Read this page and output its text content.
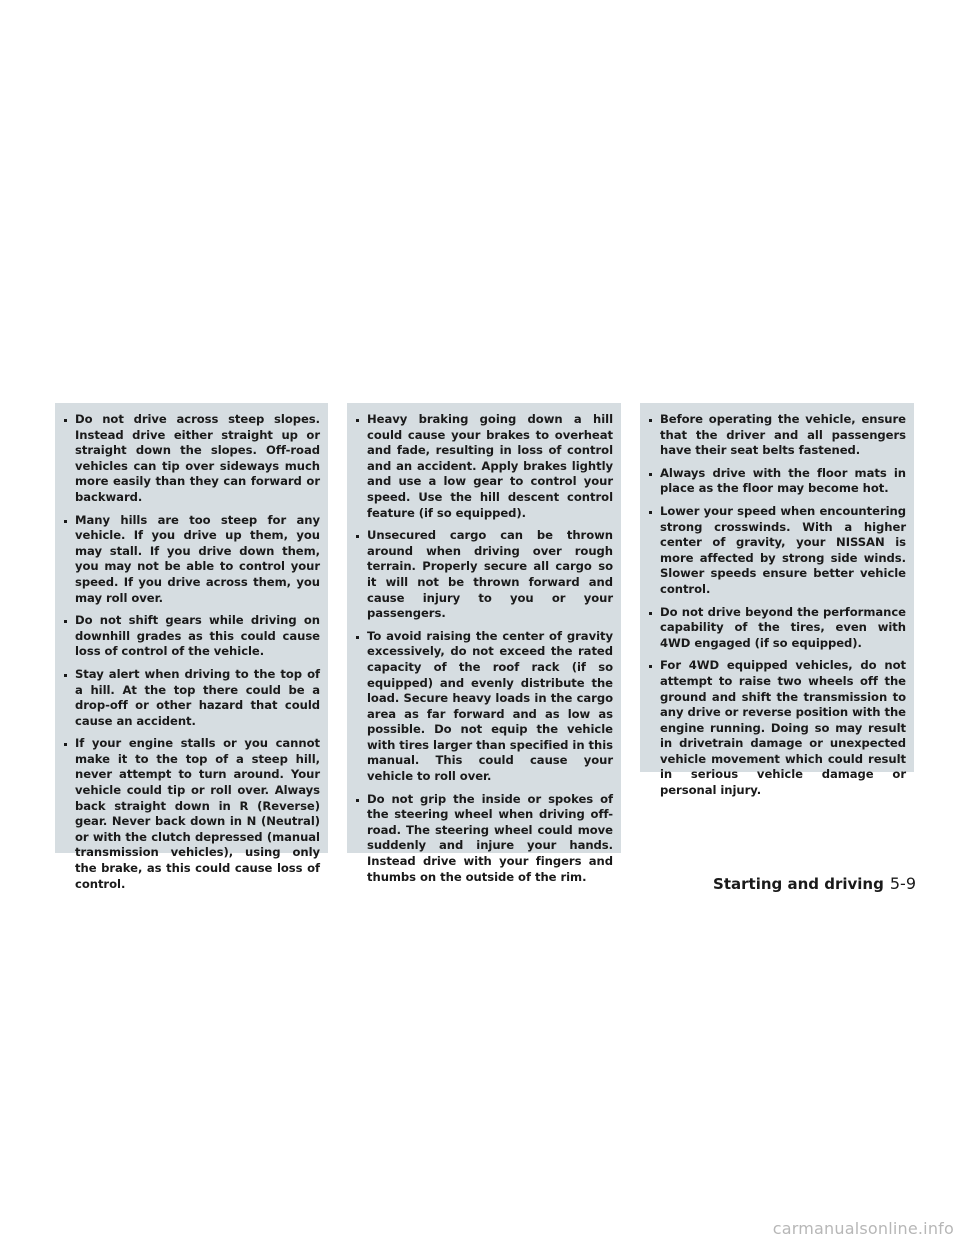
Do not drive across steep slopes. Instead drive either straight up or straight down the slopes. Off-road vehicles can tip over sideways much more easily than they can forward or backward.
Many hills are too steep for any vehicle. If you drive up them, you may stall. If you drive down them, you may not be able to control your speed. If you drive across them, you may roll over.
Do not shift gears while driving on downhill grades as this could cause loss of control of the vehicle.
Stay alert when driving to the top of a hill. At the top there could be a drop-off or other hazard that could cause an accident.
If your engine stalls or you cannot make it to the top of a steep hill, never attempt to turn around. Your vehicle could tip or roll over. Always back straight down in R (Reverse) gear. Never back down in N (Neutral) or with the clutch depressed (manual transmission vehicles), using only the brake, as this could cause loss of control.
Heavy braking going down a hill could cause your brakes to overheat and fade, resulting in loss of control and an accident. Apply brakes lightly and use a low gear to control your speed. Use the hill descent control feature (if so equipped).
Unsecured cargo can be thrown around when driving over rough terrain. Properly secure all cargo so it will not be thrown forward and cause injury to you or your passengers.
To avoid raising the center of gravity excessively, do not exceed the rated capacity of the roof rack (if so equipped) and evenly distribute the load. Secure heavy loads in the cargo area as far forward and as low as possible. Do not equip the vehicle with tires larger than specified in this manual. This could cause your vehicle to roll over.
Do not grip the inside or spokes of the steering wheel when driving off-road. The steering wheel could move suddenly and injure your hands. Instead drive with your fingers and thumbs on the outside of the rim.
Before operating the vehicle, ensure that the driver and all passengers have their seat belts fastened.
Always drive with the floor mats in place as the floor may become hot.
Lower your speed when encountering strong crosswinds. With a higher center of gravity, your NISSAN is more affected by strong side winds. Slower speeds ensure better vehicle control.
Do not drive beyond the performance capability of the tires, even with 4WD engaged (if so equipped).
For 4WD equipped vehicles, do not attempt to raise two wheels off the ground and shift the transmission to any drive or reverse position with the engine running. Doing so may result in drivetrain damage or unexpected vehicle movement which could result in serious vehicle damage or personal injury.
Starting and driving 5-9
carmanualsonline.info
